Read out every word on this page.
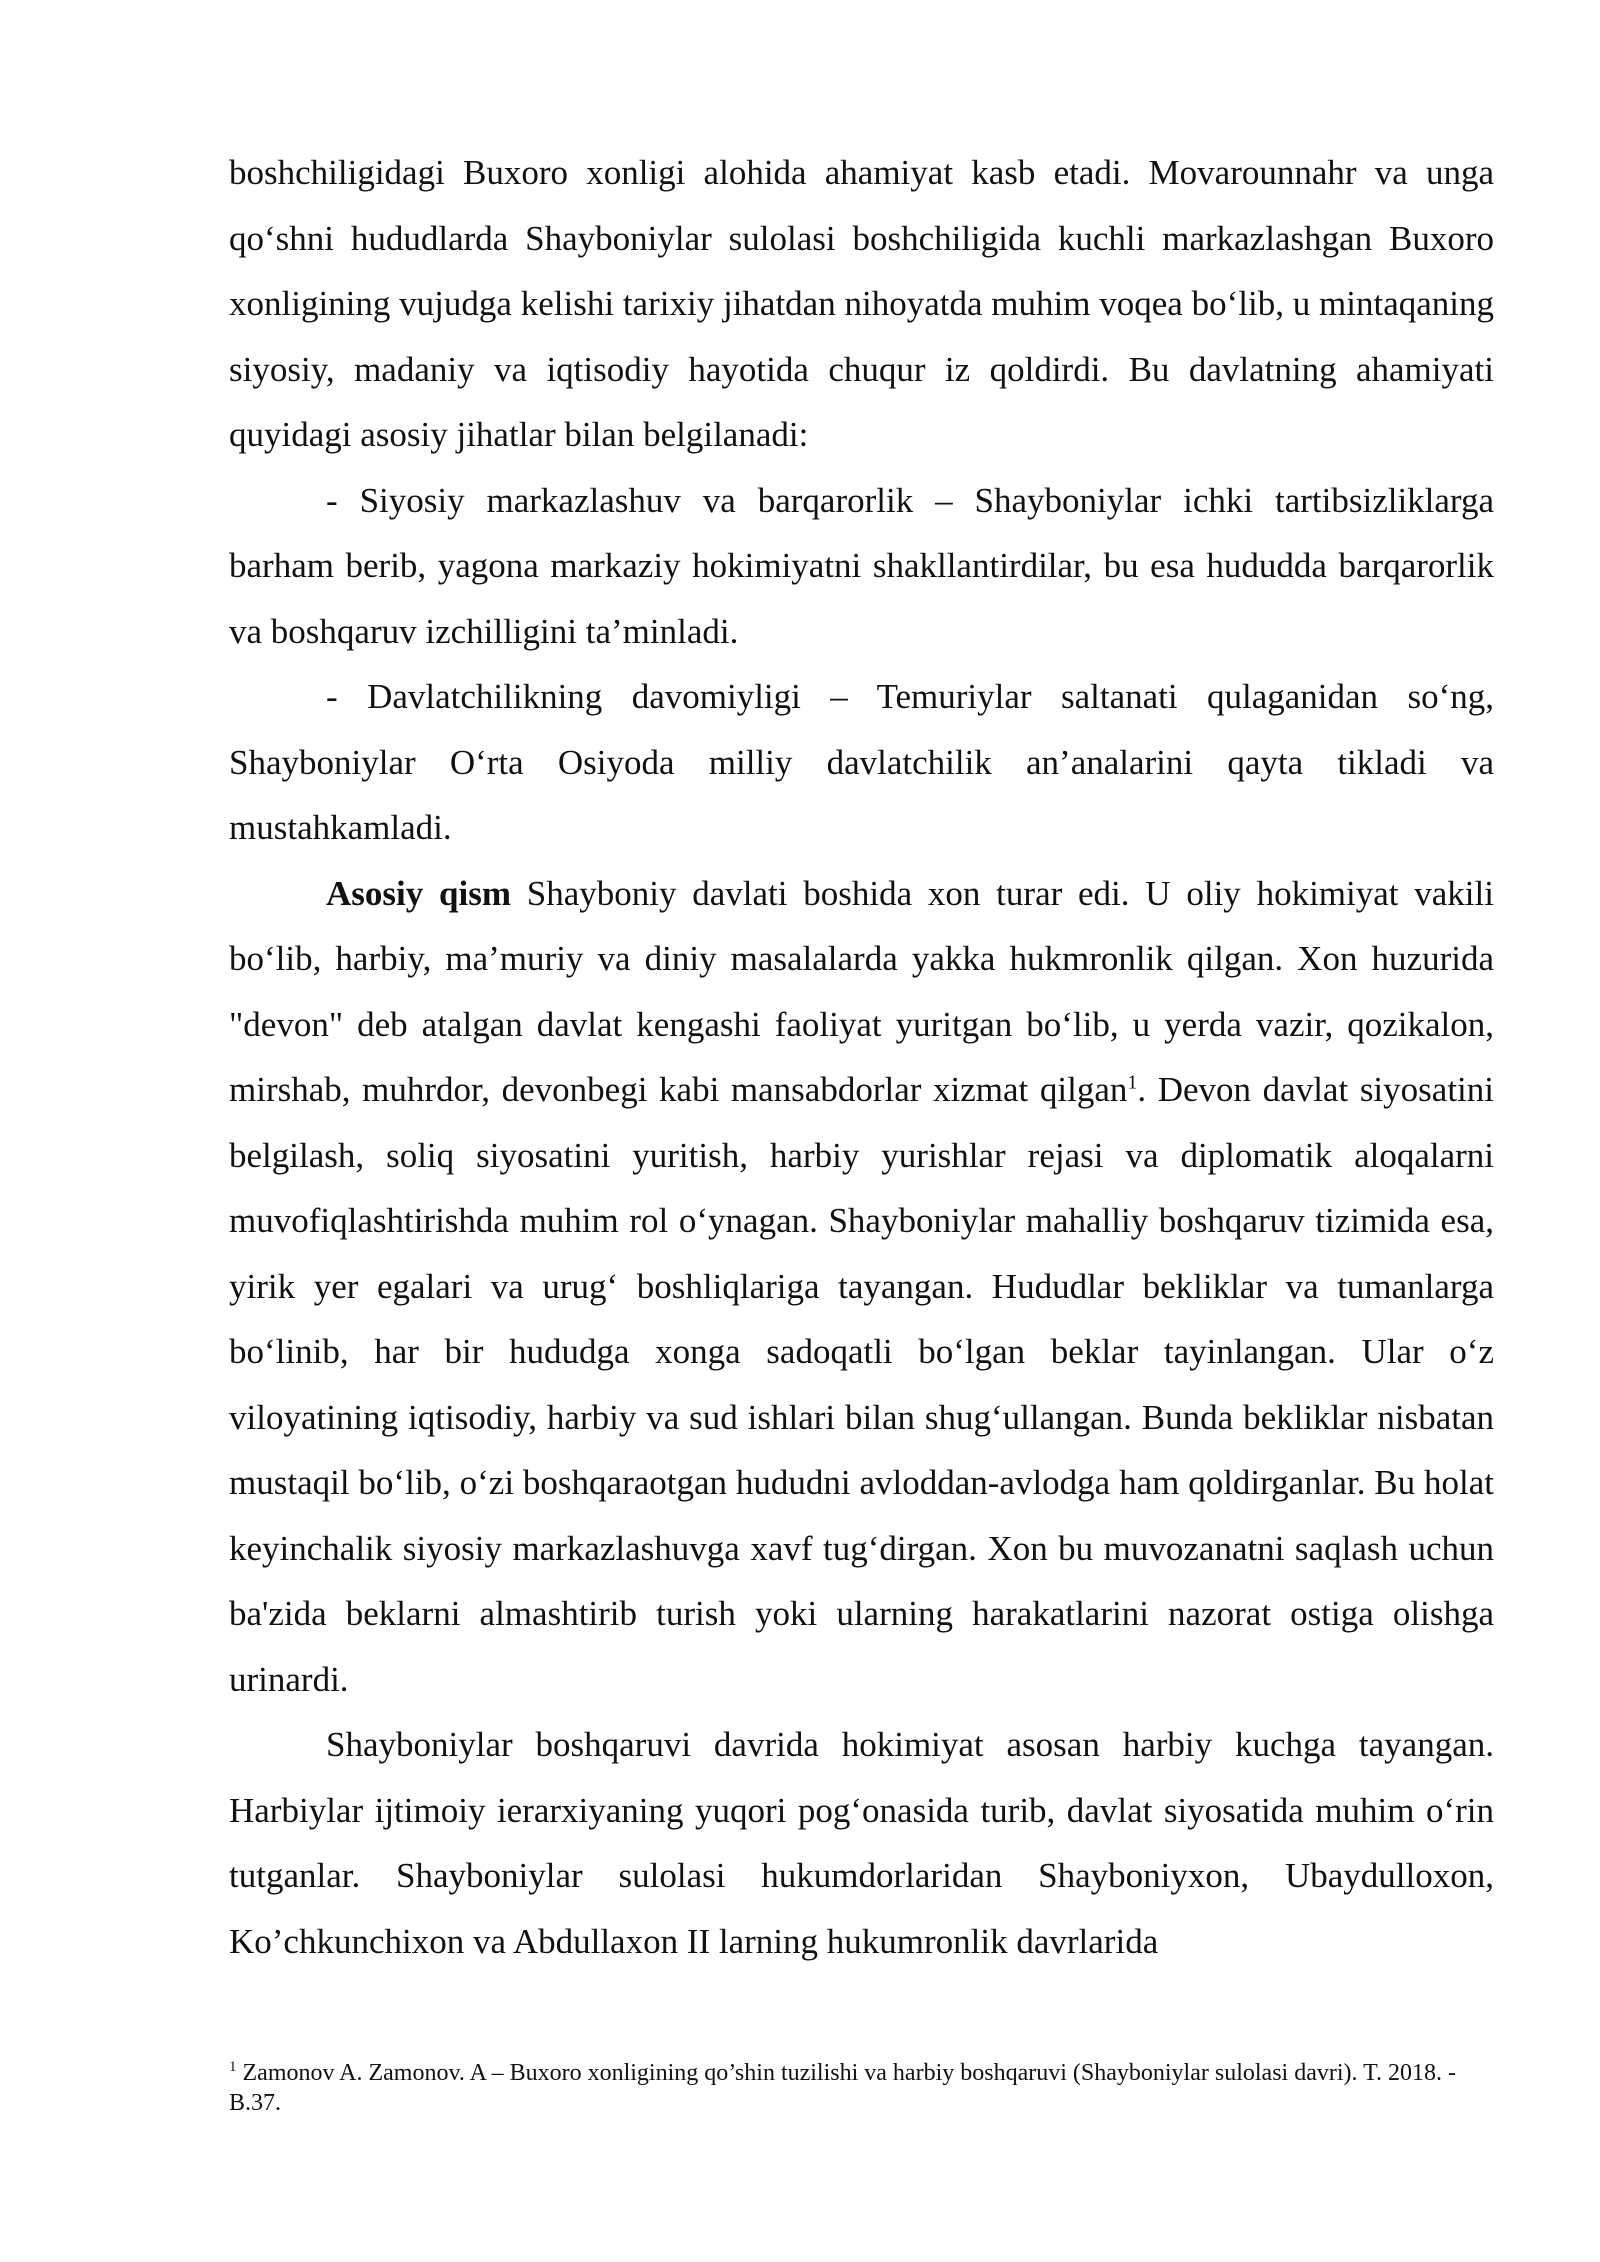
boshchiligidagi Buxoro xonligi alohida ahamiyat kasb etadi. Movarounnahr va unga qo‘shni hududlarda Shayboniylar sulolasi boshchiligida kuchli markazlashgan Buxoro xonligining vujudga kelishi tarixiy jihatdan nihoyatda muhim voqea bo‘lib, u mintaqaning siyosiy, madaniy va iqtisodiy hayotida chuqur iz qoldirdi. Bu davlatning ahamiyati quyidagi asosiy jihatlar bilan belgilanadi:

- Siyosiy markazlashuv va barqarorlik – Shayboniylar ichki tartibsizliklarga barham berib, yagona markaziy hokimiyatni shakllantirdilar, bu esa hududda barqarorlik va boshqaruv izchilligini ta’minladi.

- Davlatchilikning davomiyligi – Temuriylar saltanati qulaganidan so‘ng, Shayboniylar O‘rta Osiyoda milliy davlatchilik an’analarini qayta tikladi va mustahkamladi.

Asosiy qism Shayboniy davlati boshida xon turar edi. U oliy hokimiyat vakili bo‘lib, harbiy, ma’muriy va diniy masalalarda yakka hukmronlik qilgan. Xon huzurida "devon" deb atalgan davlat kengashi faoliyat yuritgan bo‘lib, u yerda vazir, qozikalon, mirshab, muhrdor, devonbegi kabi mansabdorlar xizmat qilgan$^1$. Devon davlat siyosatini belgilash, soliq siyosatini yuritish, harbiy yurishlar rejasi va diplomatik aloqalarni muvofiqlashtirishda muhim rol o‘ynagan. Shayboniylar mahalliy boshqaruv tizimida esa, yirik yer egalari va urug‘ boshliqlariga tayangan. Hududlar bekliklar va tumanlarga bo‘linib, har bir hududga xonga sadoqatli bo‘lgan beklar tayinlangan. Ular o‘z viloyatining iqtisodiy, harbiy va sud ishlari bilan shug‘ullangan. Bunda bekliklar nisbatan mustaqil bo‘lib, o‘zi boshqaraotgan hududni avloddan-avlodga ham qoldirganlar. Bu holat keyinchalik siyosiy markazlashuvga xavf tug‘dirgan. Xon bu muvozanatni saqlash uchun ba'zida beklarni almashtirib turish yoki ularning harakatlarini nazorat ostiga olishga urinardi.

Shayboniylar boshqaruvi davrida hokimiyat asosan harbiy kuchga tayangan. Harbiylar ijtimoiy ierarxiyaning yuqori pog‘onasida turib, davlat siyosatida muhim o‘rin tutganlar. Shayboniylar sulolasi hukumdorlaridan Shayboniyxon, Ubaydulloxon, Ko’chkunchixon va Abdullaxon II larning hukumronlik davrlarida

$^1$ Zamonov A. Zamonov. A – Buxoro xonligining qo’shin tuzilishi va harbiy boshqaruvi (Shayboniylar sulolasi davri). T. 2018. - B.37.
